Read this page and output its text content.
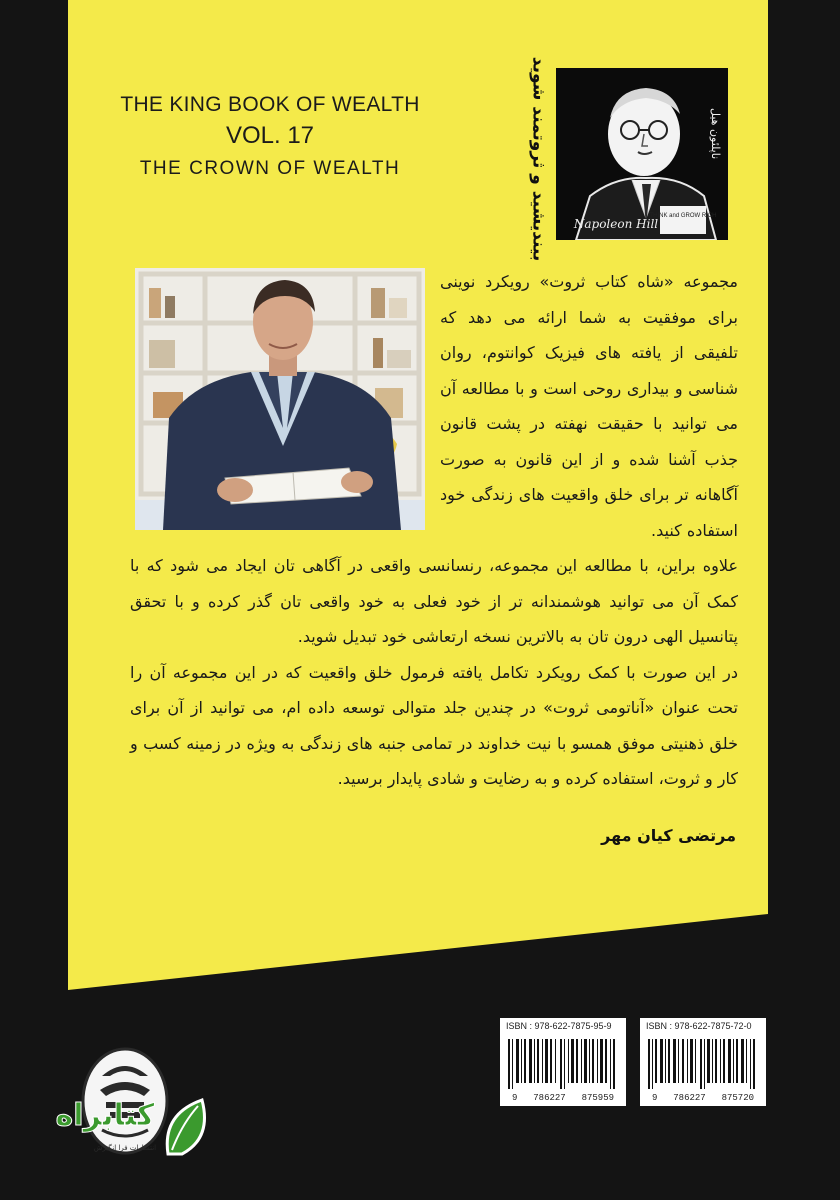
THE KING BOOK OF WEALTH
VOL. 17
THE CROWN OF WEALTH	بیندیشید و ثروتمند شوید	THINK and GROW RICH
Napoleon Hill
ناپلئون هیل

مجموعه «شاه کتاب ثروت» رویکرد نوینی برای موفقیت به شما ارائه می دهد که تلفیقی از یافته های فیزیک کوانتوم، روان شناسی و بیداری روحی است و با مطالعه آن می توانید با حقیقت نهفته در پشت قانون جذب آشنا شده و از این قانون به صورت آگاهانه تر برای خلق واقعیت های زندگی خود استفاده کنید.

علاوه براین، با مطالعه این مجموعه، رنسانسی واقعی در آگاهی تان ایجاد می شود که با کمک آن می توانید هوشمندانه تر از خود فعلی به خود واقعی تان گذر کرده و با تحقق پتانسیل الهی درون تان به بالاترین نسخه ارتعاشی خود تبدیل شوید.

در این صورت با کمک رویکرد تکامل یافته فرمول خلق واقعیت که در این مجموعه آن را تحت عنوان «آناتومی ثروت» در چندین جلد متوالی توسعه داده ام، می توانید از آن برای خلق ذهنیتی موفق همسو با نیت خداوند در تمامی جنبه های زندگی به ویژه در زمینه کسب و کار و ثروت، استفاده کرده و به رضایت و شادی پایدار برسید.

مرتضی کیان مهر
ISBN : 978-622-7875-95-9
9 786227 875959
ISBN : 978-622-7875-72-0
9 786227 875720
انتشارات فرا انگیزش
کتابراه
